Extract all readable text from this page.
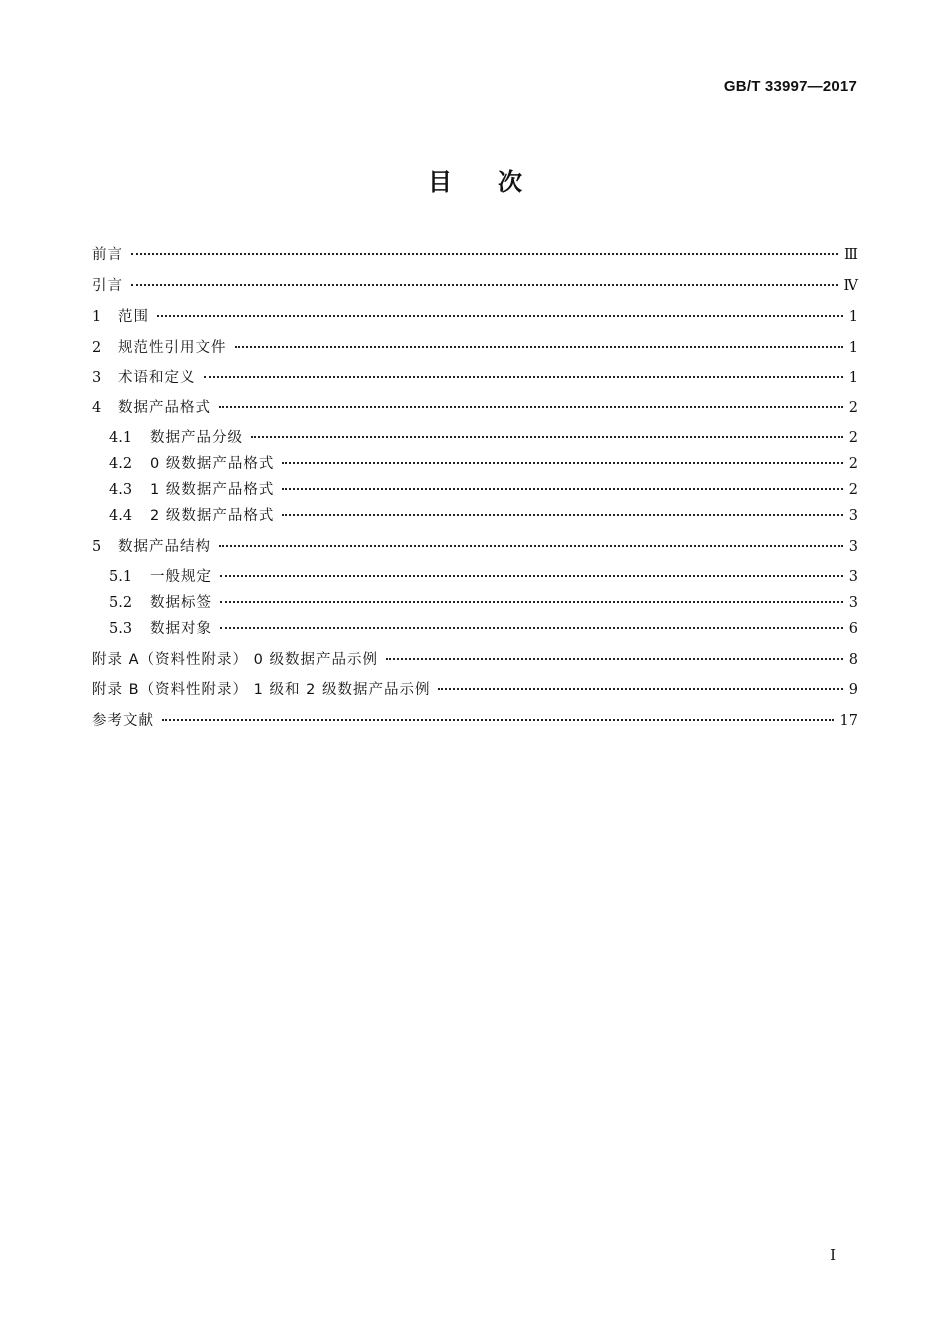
GB/T 33997—2017
目次
前言	Ⅲ
引言	Ⅳ
1	范围	1
2	规范性引用文件	1
3	术语和定义	1
4	数据产品格式	2
4.1	数据产品分级	2
4.2	0 级数据产品格式	2
4.3	1 级数据产品格式	2
4.4	2 级数据产品格式	3
5	数据产品结构	3
5.1	一般规定	3
5.2	数据标签	3
5.3	数据对象	6
附录 A（资料性附录） 0 级数据产品示例	8
附录 B（资料性附录） 1 级和 2 级数据产品示例	9
参考文献	17
I
